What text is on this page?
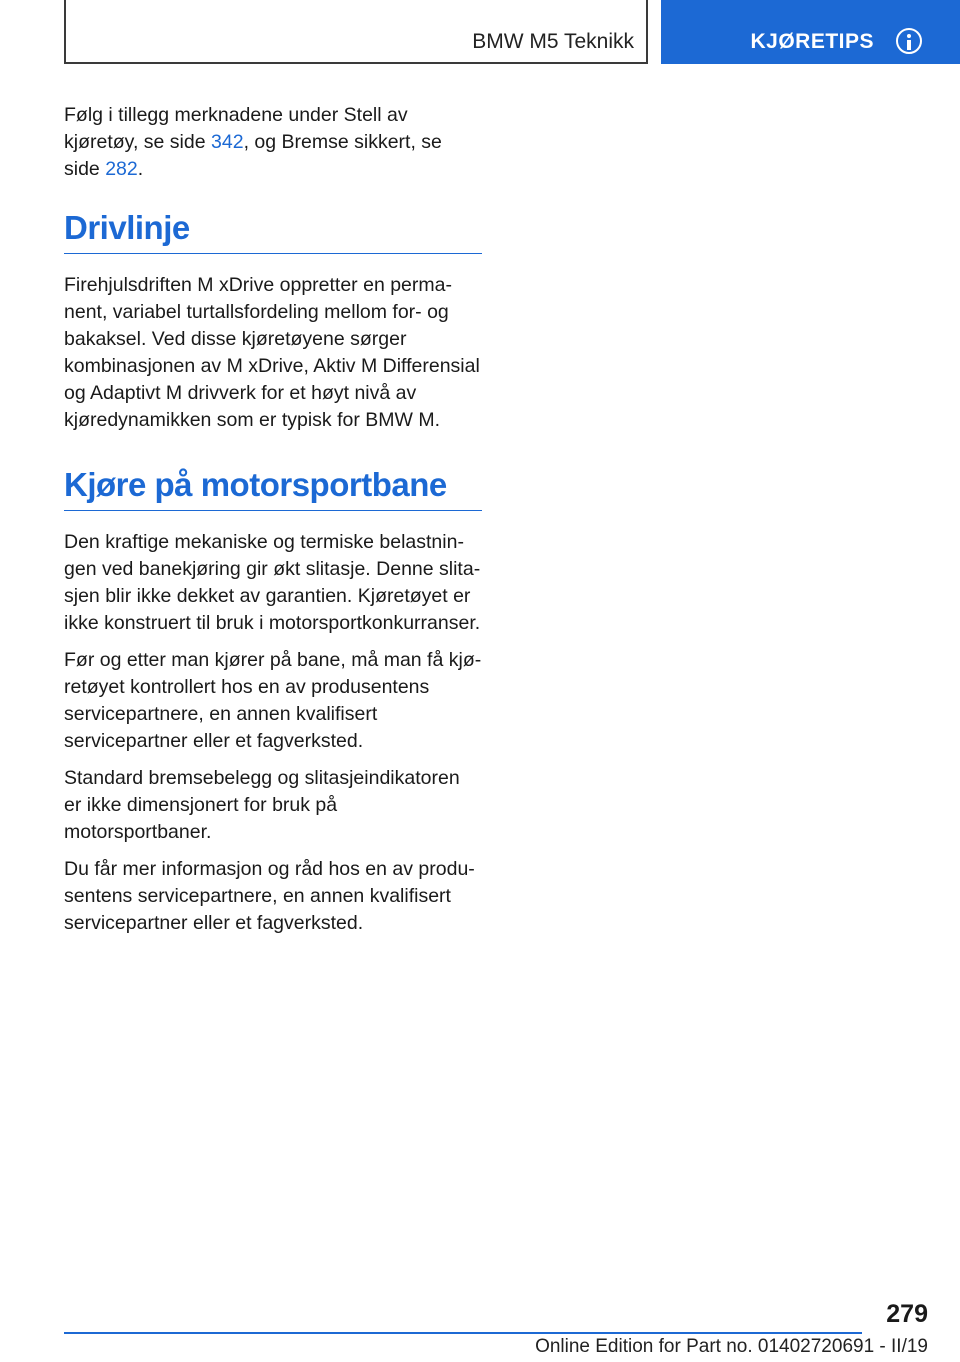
BMW M5 Teknikk	KJØRETIPS

Følg i tillegg merknadene under Stell av kjøretøy, se side 342, og Bremse sikkert, se side 282.

Drivlinje

Firehjulsdriften M xDrive oppretter en permanent, variabel turtallsfordeling mellom for- og bakaksel. Ved disse kjøretøyene sørger kombinasjonen av M xDrive, Aktiv M Differensial og Adaptivt M drivverk for et høyt nivå av kjøredynamikken som er typisk for BMW M.

Kjøre på motorsportbane

Den kraftige mekaniske og termiske belastningen ved banekjøring gir økt slitasje. Denne slitasjen blir ikke dekket av garantien. Kjøretøyet er ikke konstruert til bruk i motorsportkonkurranser.

Før og etter man kjører på bane, må man få kjøretøyet kontrollert hos en av produsentens servicepartnere, en annen kvalifisert servicepartner eller et fagverksted.

Standard bremsebelegg og slitasjeindikatoren er ikke dimensjonert for bruk på motorsportbaner.

Du får mer informasjon og råd hos en av produsentens servicepartnere, en annen kvalifisert servicepartner eller et fagverksted.

279
Online Edition for Part no. 01402720691 - II/19
